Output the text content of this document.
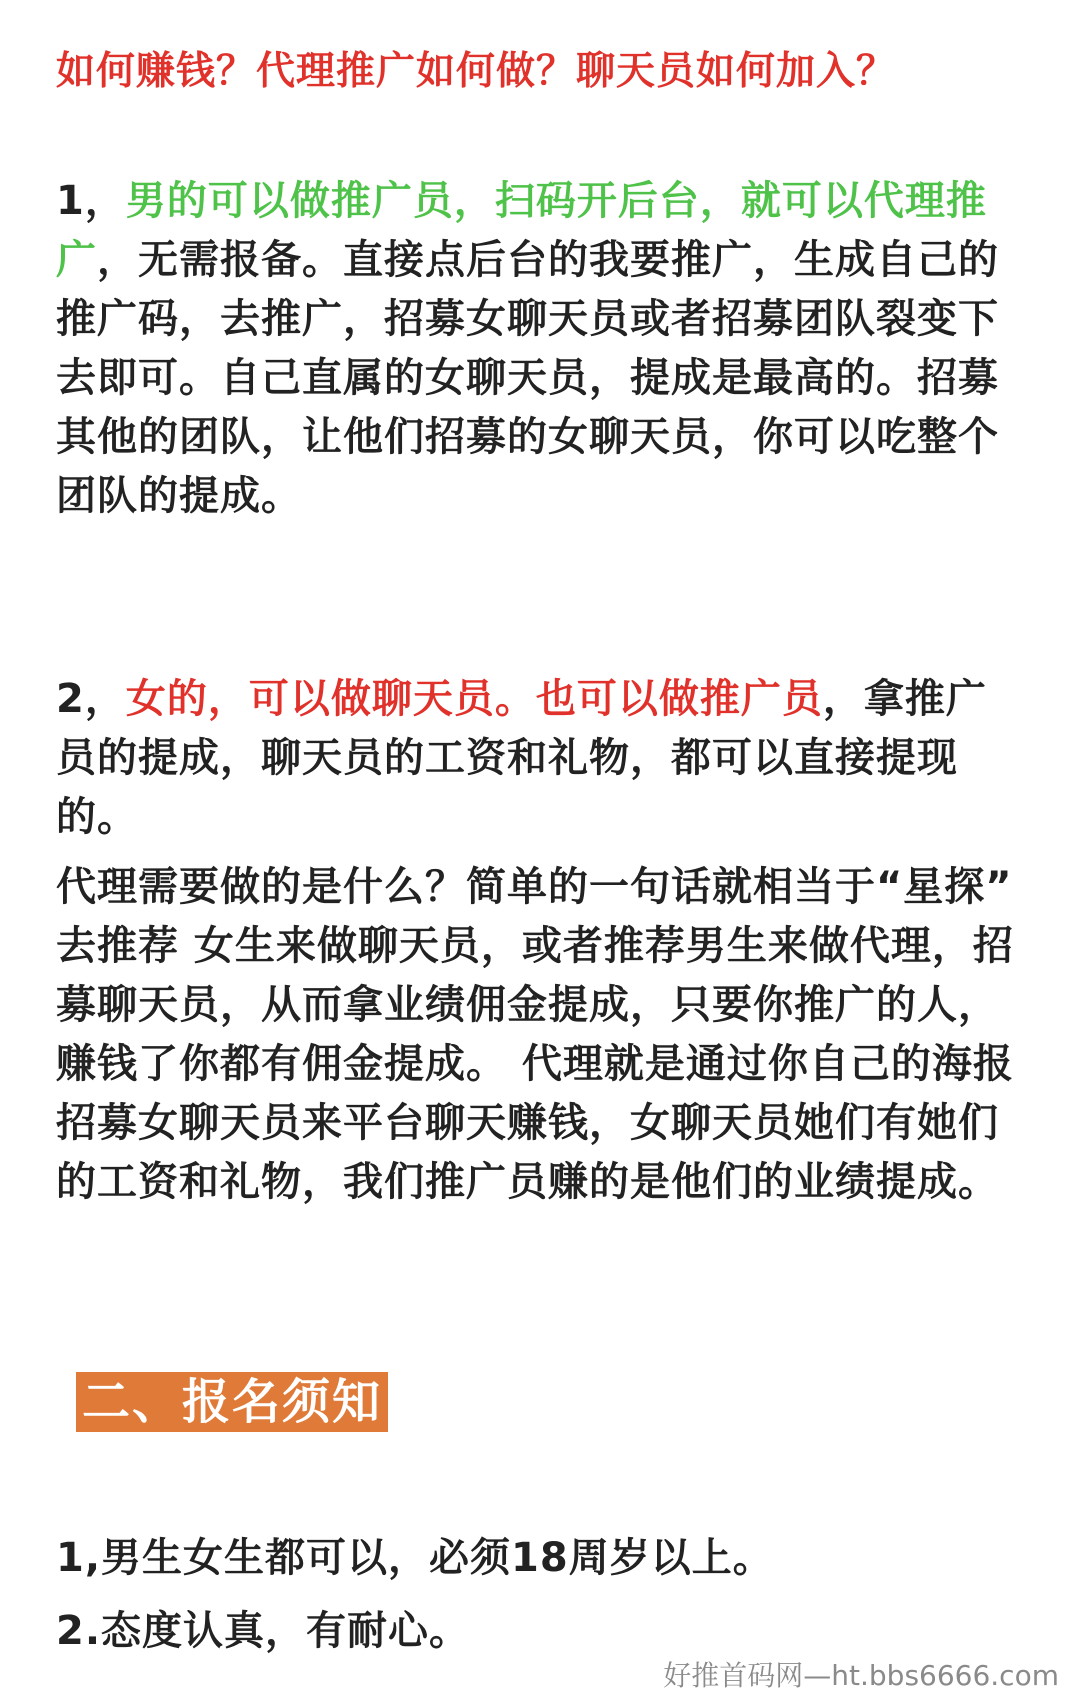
如何赚钱？代理推广如何做？聊天员如何加入？
1，男的可以做推广员，扫码开后台，就可以代理推广，无需报备。直接点后台的我要推广，生成自己的推广码，去推广，招募女聊天员或者招募团队裂变下去即可。自己直属的女聊天员，提成是最高的。招募其他的团队，让他们招募的女聊天员，你可以吃整个团队的提成。
2，女的，可以做聊天员。也可以做推广员，拿推广员的提成，聊天员的工资和礼物，都可以直接提现的。
代理需要做的是什么？简单的一句话就相当于“星探” 去推荐 女生来做聊天员，或者推荐男生来做代理，招募聊天员，从而拿业绩佣金提成，只要你推广的人，赚钱了你都有佣金提成。 代理就是通过你自己的海报招募女聊天员来平台聊天赚钱，女聊天员她们有她们的工资和礼物，我们推广员赚的是他们的业绩提成。
二、报名须知
1,男生女生都可以，必须18周岁以上。
2.态度认真，有耐心。
好推首码网—ht.bbs6666.com
